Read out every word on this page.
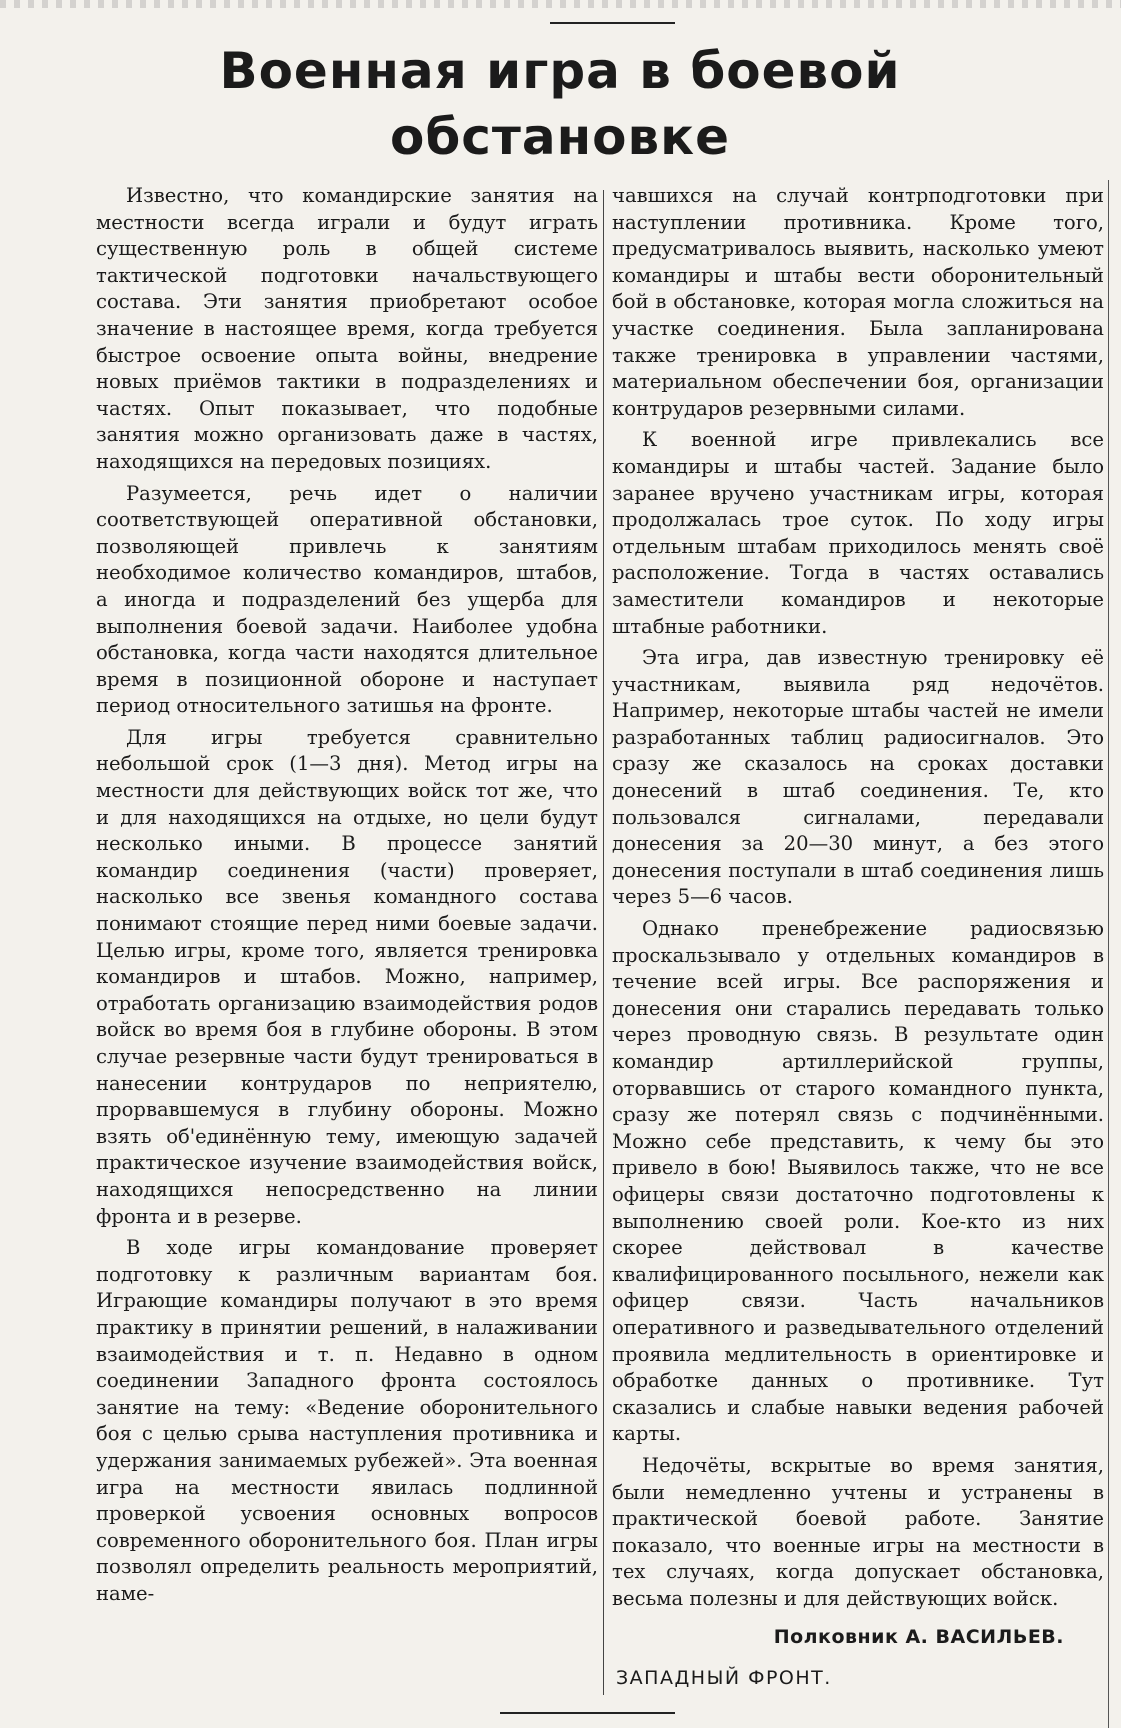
Военная игра в боевой обстановке

Известно, что командирские занятия на местности всегда играли и будут играть существенную роль в общей системе тактической подготовки начальствующего состава. Эти занятия приобретают особое значение в настоящее время, когда требуется быстрое освоение опыта войны, внедрение новых приёмов тактики в подразделениях и частях. Опыт показывает, что подобные занятия можно организовать даже в частях, находящихся на передовых позициях.

Разумеется, речь идет о наличии соответствующей оперативной обстановки, позволяющей привлечь к занятиям необходимое количество командиров, штабов, а иногда и подразделений без ущерба для выполнения боевой задачи. Наиболее удобна обстановка, когда части находятся длительное время в позиционной обороне и наступает период относительного затишья на фронте.

Для игры требуется сравнительно небольшой срок (1—3 дня). Метод игры на местности для действующих войск тот же, что и для находящихся на отдыхе, но цели будут несколько иными. В процессе занятий командир соединения (части) проверяет, насколько все звенья командного состава понимают стоящие перед ними боевые задачи. Целью игры, кроме того, является тренировка командиров и штабов. Можно, например, отработать организацию взаимодействия родов войск во время боя в глубине обороны. В этом случае резервные части будут тренироваться в нанесении контрударов по неприятелю, прорвавшемуся в глубину обороны. Можно взять об'единённую тему, имеющую задачей практическое изучение взаимодействия войск, находящихся непосредственно на линии фронта и в резерве.

В ходе игры командование проверяет подготовку к различным вариантам боя. Играющие командиры получают в это время практику в принятии решений, в налаживании взаимодействия и т. п. Недавно в одном соединении Западного фронта состоялось занятие на тему: «Ведение оборонительного боя с целью срыва наступления противника и удержания занимаемых рубежей». Эта военная игра на местности явилась подлинной проверкой усвоения основных вопросов современного оборонительного боя. План игры позволял определить реальность мероприятий, наме-

чавшихся на случай контрподготовки при наступлении противника. Кроме того, предусматривалось выявить, насколько умеют командиры и штабы вести оборонительный бой в обстановке, которая могла сложиться на участке соединения. Была запланирована также тренировка в управлении частями, материальном обеспечении боя, организации контрударов резервными силами.

К военной игре привлекались все командиры и штабы частей. Задание было заранее вручено участникам игры, которая продолжалась трое суток. По ходу игры отдельным штабам приходилось менять своё расположение. Тогда в частях оставались заместители командиров и некоторые штабные работники.

Эта игра, дав известную тренировку её участникам, выявила ряд недочётов. Например, некоторые штабы частей не имели разработанных таблиц радиосигналов. Это сразу же сказалось на сроках доставки донесений в штаб соединения. Те, кто пользовался сигналами, передавали донесения за 20—30 минут, а без этого донесения поступали в штаб соединения лишь через 5—6 часов.

Однако пренебрежение радиосвязью проскальзывало у отдельных командиров в течение всей игры. Все распоряжения и донесения они старались передавать только через проводную связь. В результате один командир артиллерийской группы, оторвавшись от старого командного пункта, сразу же потерял связь с подчинёнными. Можно себе представить, к чему бы это привело в бою! Выявилось также, что не все офицеры связи достаточно подготовлены к выполнению своей роли. Кое-кто из них скорее действовал в качестве квалифицированного посыльного, нежели как офицер связи. Часть начальников оперативного и разведывательного отделений проявила медлительность в ориентировке и обработке данных о противнике. Тут сказались и слабые навыки ведения рабочей карты.

Недочёты, вскрытые во время занятия, были немедленно учтены и устранены в практической боевой работе. Занятие показало, что военные игры на местности в тех случаях, когда допускает обстановка, весьма полезны и для действующих войск.

Полковник А. ВАСИЛЬЕВ.
ЗАПАДНЫЙ ФРОНТ.
